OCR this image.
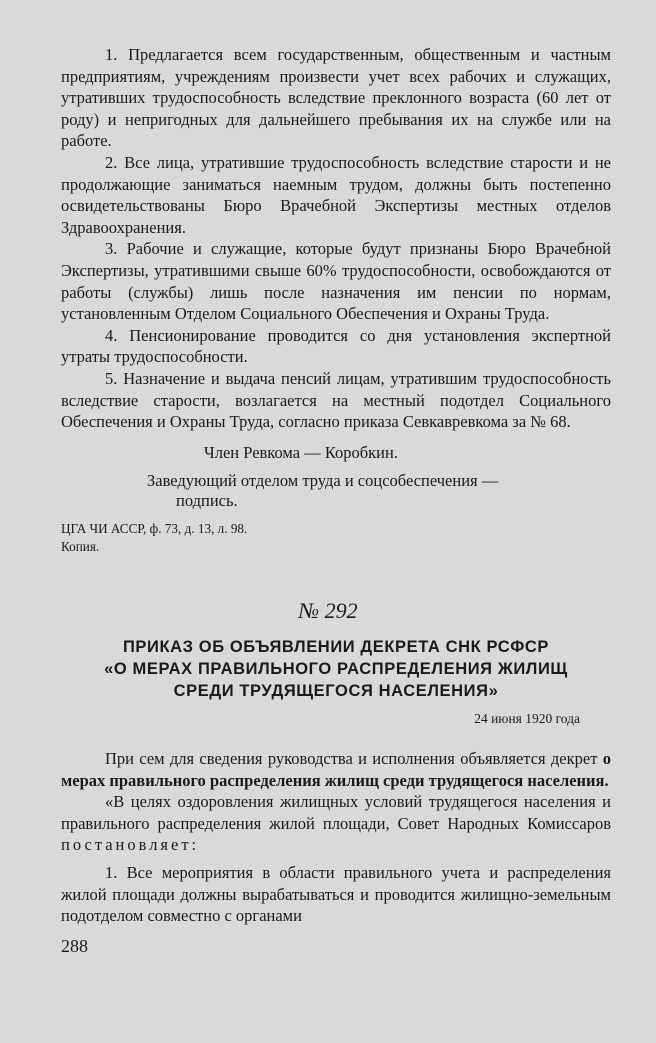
1. Предлагается всем государственным, общественным и частным предприятиям, учреждениям произвести учет всех рабочих и служащих, утративших трудоспособность вследствие преклонного возраста (60 лет от роду) и непригодных для дальнейшего пребывания их на службе или на работе.

2. Все лица, утратившие трудоспособность вследствие старости и не продолжающие заниматься наемным трудом, должны быть постепенно освидетельствованы Бюро Врачебной Экспертизы местных отделов Здравоохранения.

3. Рабочие и служащие, которые будут признаны Бюро Врачебной Экспертизы, утратившими свыше 60% трудоспособности, освобождаются от работы (службы) лишь после назначения им пенсии по нормам, установленным Отделом Социального Обеспечения и Охраны Труда.

4. Пенсионирование проводится со дня установления экспертной утраты трудоспособности.

5. Назначение и выдача пенсий лицам, утратившим трудоспособность вследствие старости, возлагается на местный подотдел Социального Обеспечения и Охраны Труда, согласно приказа Севкавревкома за № 68.

Член Ревкома — Коробкин.
Заведующий отделом труда и соцсобеспечения —
подпись.
ЦГА ЧИ АССР, ф. 73, д. 13, л. 98.
Копия.
№ 292
ПРИКАЗ ОБ ОБЪЯВЛЕНИИ ДЕКРЕТА СНК РСФСР
«О МЕРАХ ПРАВИЛЬНОГО РАСПРЕДЕЛЕНИЯ ЖИЛИЩ
СРЕДИ ТРУДЯЩЕГОСЯ НАСЕЛЕНИЯ»
24 июня 1920 года

При сем для сведения руководства и исполнения объявляется декрет о мерах правильного распределения жилищ среди трудящегося населения.

«В целях оздоровления жилищных условий трудящегося населения и правильного распределения жилой площади, Совет Народных Комиссаров постановляет:

1. Все мероприятия в области правильного учета и распределения жилой площади должны вырабатываться и проводится жилищно-земельным подотделом совместно с органами

288
